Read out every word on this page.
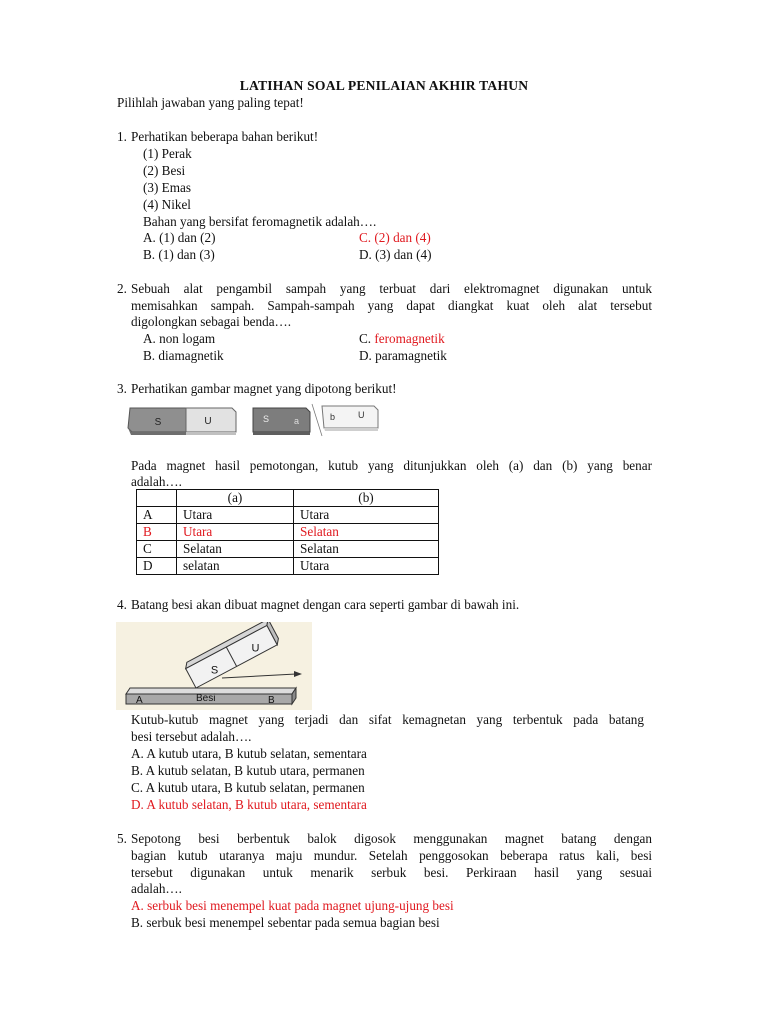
LATIHAN SOAL PENILAIAN AKHIR TAHUN
Pilihlah jawaban yang paling tepat!
1. Perhatikan beberapa bahan berikut!
(1) Perak
(2) Besi
(3) Emas
(4) Nikel
Bahan yang bersifat feromagnetik adalah….
A. (1) dan (2)	C. (2) dan (4)
B. (1) dan (3)	D. (3) dan (4)
2. Sebuah alat pengambil sampah yang terbuat dari elektromagnet digunakan untuk
memisahkan sampah. Sampah-sampah yang dapat diangkat kuat oleh alat tersebut
digolongkan sebagai benda….
A. non logam	C. feromagnetik
B. diamagnetik	D. paramagnetik
3. Perhatikan gambar magnet yang dipotong berikut!
S	U	S	a	b	U
Pada magnet hasil pemotongan, kutub yang ditunjukkan oleh (a) dan (b) yang benar
adalah….
	(a)	(b)
A	Utara	Utara
B	Utara	Selatan
C	Selatan	Selatan
D	selatan	Utara
4. Batang besi akan dibuat magnet dengan cara seperti gambar di bawah ini.
A	Besi	B
S
U
Kutub-kutub magnet yang terjadi dan sifat kemagnetan yang terbentuk pada batang
besi tersebut adalah….
A. A kutub utara, B kutub selatan, sementara
B. A kutub selatan, B kutub utara, permanen
C. A kutub utara, B kutub selatan, permanen
D. A kutub selatan, B kutub utara, sementara
5. Sepotong besi berbentuk balok digosok menggunakan magnet batang dengan
bagian kutub utaranya maju mundur. Setelah penggosokan beberapa ratus kali, besi
tersebut digunakan untuk menarik serbuk besi. Perkiraan hasil yang sesuai
adalah….
A. serbuk besi menempel kuat pada magnet ujung-ujung besi
B. serbuk besi menempel sebentar pada semua bagian besi
